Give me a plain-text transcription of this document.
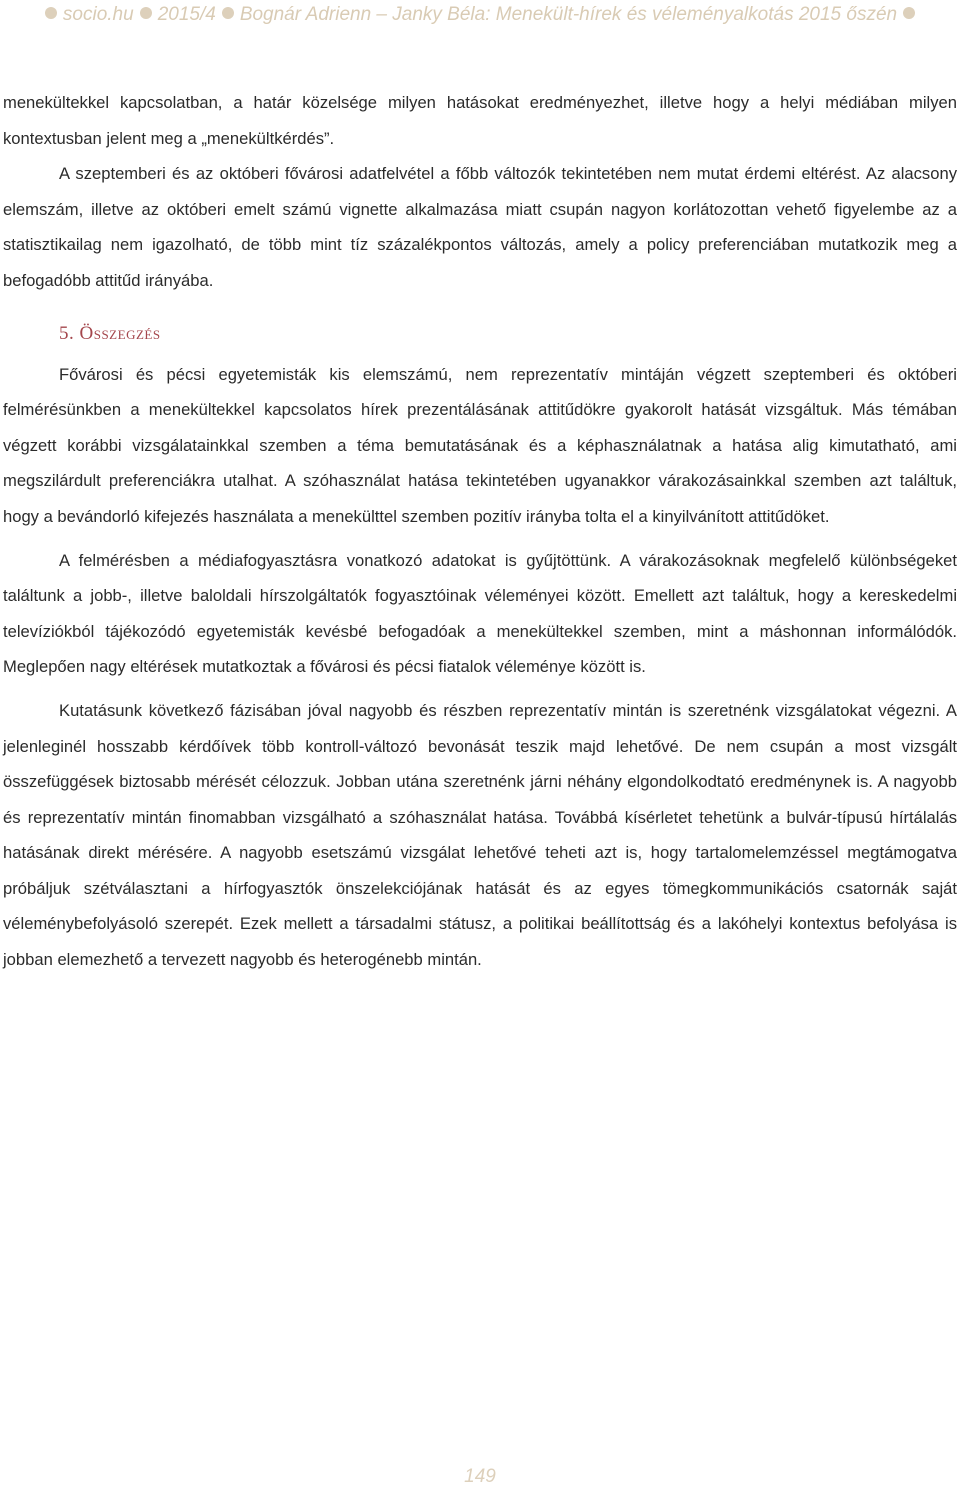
socio.hu 2015/4 Bognár Adrienn – Janky Béla: Menekült-hírek és véleményalkotás 2015 őszén

menekültekkel kapcsolatban, a határ közelsége milyen hatásokat eredményezhet, illetve hogy a helyi médiában milyen kontextusban jelent meg a „menekültkérdés”.

A szeptemberi és az októberi fővárosi adatfelvétel a főbb változók tekintetében nem mutat érdemi eltérést. Az alacsony elemszám, illetve az októberi emelt számú vignette alkalmazása miatt csupán nagyon korlátozottan vehető figyelembe az a statisztikailag nem igazolható, de több mint tíz százalékpontos változás, amely a policy preferenciában mutatkozik meg a befogadóbb attitűd irányába.

5. Összegzés

Fővárosi és pécsi egyetemisták kis elemszámú, nem reprezentatív mintáján végzett szeptemberi és októberi felmérésünkben a menekültekkel kapcsolatos hírek prezentálásának attitűdökre gyakorolt hatását vizsgáltuk. Más témában végzett korábbi vizsgálatainkkal szemben a téma bemutatásának és a képhasználatnak a hatása alig kimutatható, ami megszilárdult preferenciákra utalhat. A szóhasználat hatása tekintetében ugyanakkor várakozásainkkal szemben azt találtuk, hogy a bevándorló kifejezés használata a menekülttel szemben pozitív irányba tolta el a kinyilvánított attitűdöket.

A felmérésben a médiafogyasztásra vonatkozó adatokat is gyűjtöttünk. A várakozásoknak megfelelő különbségeket találtunk a jobb-, illetve baloldali hírszolgáltatók fogyasztóinak véleményei között. Emellett azt találtuk, hogy a kereskedelmi televíziókból tájékozódó egyetemisták kevésbé befogadóak a menekültekkel szemben, mint a máshonnan informálódók. Meglepően nagy eltérések mutatkoztak a fővárosi és pécsi fiatalok véleménye között is.

Kutatásunk következő fázisában jóval nagyobb és részben reprezentatív mintán is szeretnénk vizsgálatokat végezni. A jelenleginél hosszabb kérdőívek több kontroll-változó bevonását teszik majd lehetővé. De nem csupán a most vizsgált összefüggések biztosabb mérését célozzuk. Jobban utána szeretnénk járni néhány elgondolkodtató eredménynek is. A nagyobb és reprezentatív mintán finomabban vizsgálható a szóhasználat hatása. Továbbá kísérletet tehetünk a bulvár-típusú hírtálalás hatásának direkt mérésére. A nagyobb esetszámú vizsgálat lehetővé teheti azt is, hogy tartalomelemzéssel megtámogatva próbáljuk szétválasztani a hírfogyasztók önszelekciójának hatását és az egyes tömegkommunikációs csatornák saját véleménybefolyásoló szerepét. Ezek mellett a társadalmi státusz, a politikai beállítottság és a lakóhelyi kontextus befolyása is jobban elemezhető a tervezett nagyobb és heterogénebb mintán.

149
